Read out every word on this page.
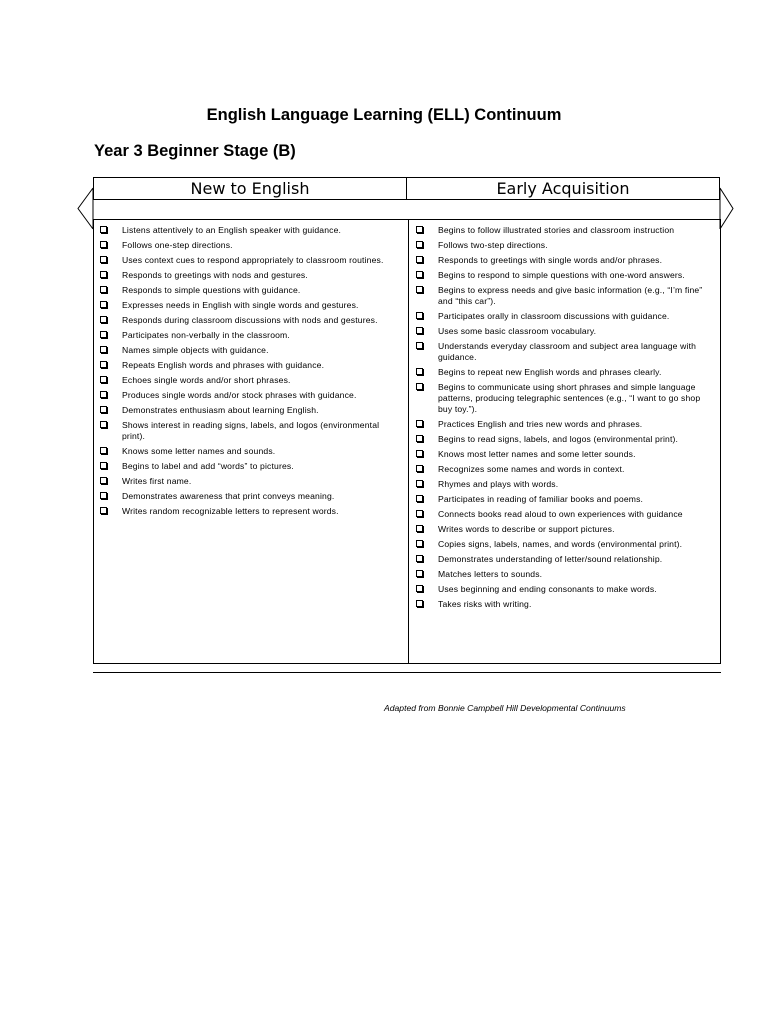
English Language Learning (ELL) Continuum
Year 3 Beginner Stage (B)
New to English	Early Acquisition
Listens attentively to an English speaker with guidance.
Follows one-step directions.
Uses context cues to respond appropriately to classroom routines.
Responds to greetings with nods and gestures.
Responds to simple questions with guidance.
Expresses needs in English with single words and gestures.
Responds during classroom discussions with nods and gestures.
Participates non-verbally in the classroom.
Names simple objects with guidance.
Repeats English words and phrases with guidance.
Echoes single words and/or short phrases.
Produces single words and/or stock phrases with guidance.
Demonstrates enthusiasm about learning English.
Shows interest in reading signs, labels, and logos (environmental print).
Knows some letter names and sounds.
Begins to label and add “words” to pictures.
Writes first name.
Demonstrates awareness that print conveys meaning.
Writes random recognizable letters to represent words.
Begins to follow illustrated stories and classroom instruction
Follows two-step directions.
Responds to greetings with single words and/or phrases.
Begins to respond to simple questions with one-word answers.
Begins to express needs and give basic information (e.g., “I’m fine” and “this car”).
Participates orally in classroom discussions with guidance.
Uses some basic classroom vocabulary.
Understands everyday classroom and subject area language with guidance.
Begins to repeat new English words and phrases clearly.
Begins to communicate using short phrases and simple language patterns, producing telegraphic sentences (e.g., “I want to go shop buy toy.”).
Practices English and tries new words and phrases.
Begins to read signs, labels, and logos (environmental print).
Knows most letter names and some letter sounds.
Recognizes some names and words in context.
Rhymes and plays with words.
Participates in reading of familiar books and poems.
Connects books read aloud to own experiences with guidance
Writes words to describe or support pictures.
Copies signs, labels, names, and words (environmental print).
Demonstrates understanding of letter/sound relationship.
Matches letters to sounds.
Uses beginning and ending consonants to make words.
Takes risks with writing.
Adapted from Bonnie Campbell Hill Developmental Continuums
